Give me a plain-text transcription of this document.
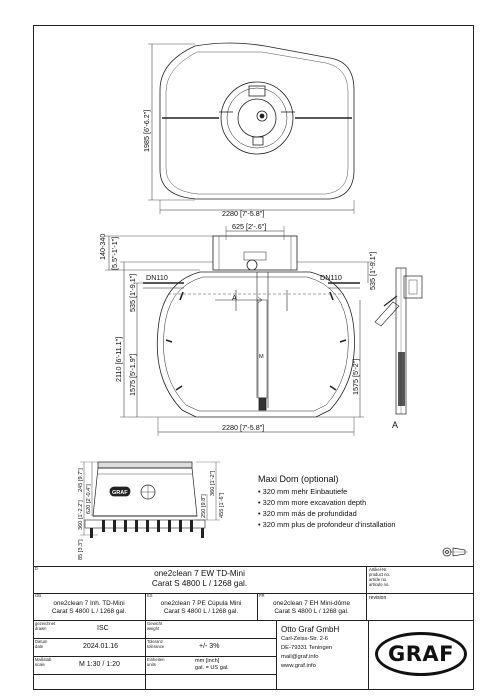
1985 [6'-6.2"]
2280 [7'-5.8"]
625 [2'-.6"]
140-340 [5.5"-1'-1"]
DN110	DN110
535 [1'-9.1"]
535 [1'-9.1"]
2110 [6'-11.1"] 1575 [5'-1.9"]	1575 [5'-2"]
2280 [7'-5.8"]
A
M
A
GRAF
245 [9.7"]
360 [1'-2.2"]
620 [2'-0.4"]
360 [1'-2"]
250 [9.8"] 455 [1'-6"]
85 [3.3"]
Maxi Dom (optional)
• 320 mm mehr Einbautiefe
• 320 mm more excavation depth
• 320 mm más de profundidad
• 320 mm plus de profondeur d'installation
D
one2clean 7 EW TD-Mini
Carat S 4800 L / 1268 gal.
Artikel-Nr.
product no.
article no.
articulo no.
GB
one2clean 7 Inh. TD-Mini
Carat S 4800 L / 1268 gal.
ES
one2clean 7 PE Cúpula Mini
Carat S 4800 L / 1268 gal.
FR
one2clean 7 EH Mini-dôme
Carat S 4800 L / 1268 gal.
revision
gezeichnet
drawn	ISC
Gewicht
weight
Datum
date	2024.01.16
Toleranz
tolerance	+/- 3%
Maßstab
scale	M 1:30 / 1:20
Einheiten
units
mm [inch]
gal. = US gal.
Otto Graf GmbH
Carl-Zeiss-Str. 2-6
DE-79331 Teningen
mail@graf.info
www.graf.info	GRAF
